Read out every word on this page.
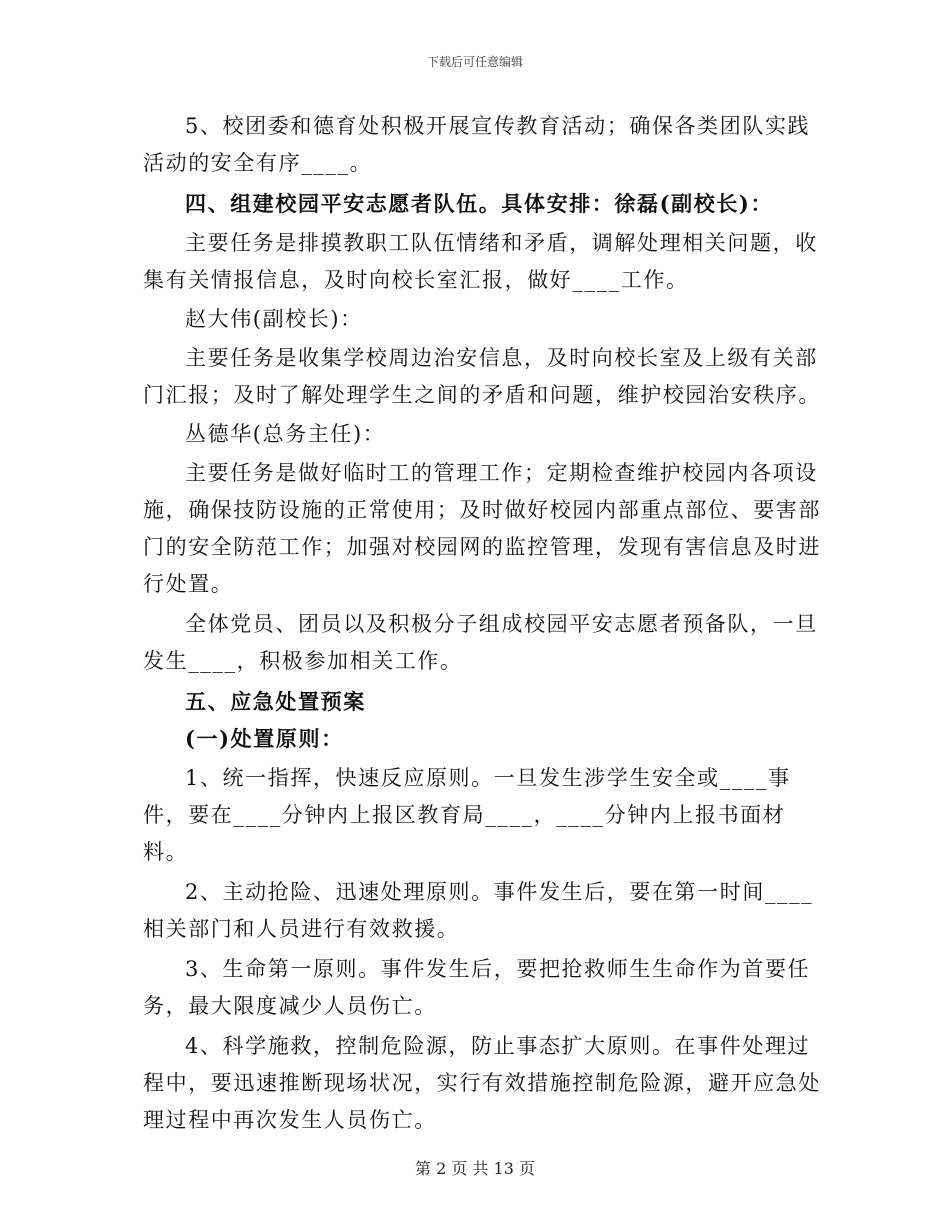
下载后可任意编辑

5、校团委和德育处积极开展宣传教育活动；确保各类团队实践活动的安全有序____。

四、组建校园平安志愿者队伍。具体安排：徐磊(副校长)：

主要任务是排摸教职工队伍情绪和矛盾，调解处理相关问题，收集有关情报信息，及时向校长室汇报，做好____工作。

赵大伟(副校长)：

主要任务是收集学校周边治安信息，及时向校长室及上级有关部门汇报；及时了解处理学生之间的矛盾和问题，维护校园治安秩序。

丛德华(总务主任)：

主要任务是做好临时工的管理工作；定期检查维护校园内各项设施，确保技防设施的正常使用；及时做好校园内部重点部位、要害部门的安全防范工作；加强对校园网的监控管理，发现有害信息及时进行处置。

全体党员、团员以及积极分子组成校园平安志愿者预备队，一旦发生____，积极参加相关工作。

五、应急处置预案

(一)处置原则：

1、统一指挥，快速反应原则。一旦发生涉学生安全或____事件，要在____分钟内上报区教育局____，____分钟内上报书面材料。

2、主动抢险、迅速处理原则。事件发生后，要在第一时间____相关部门和人员进行有效救援。

3、生命第一原则。事件发生后，要把抢救师生生命作为首要任务，最大限度减少人员伤亡。

4、科学施救，控制危险源，防止事态扩大原则。在事件处理过程中，要迅速推断现场状况，实行有效措施控制危险源，避开应急处理过程中再次发生人员伤亡。

第 2 页 共 13 页
